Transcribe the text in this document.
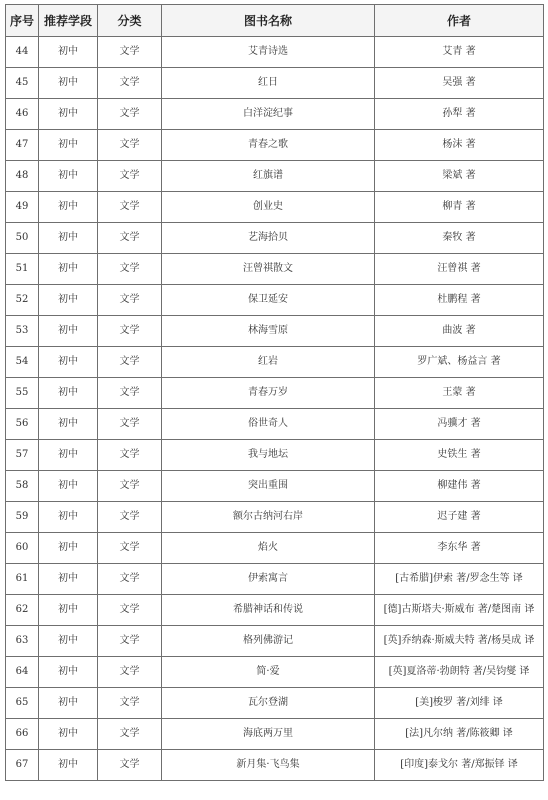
序号	推荐学段	分类	图书名称	作者
44	初中	文学	艾青诗选	艾青 著
45	初中	文学	红日	吴强 著
46	初中	文学	白洋淀纪事	孙犁 著
47	初中	文学	青春之歌	杨沫 著
48	初中	文学	红旗谱	梁斌 著
49	初中	文学	创业史	柳青 著
50	初中	文学	艺海拾贝	秦牧 著
51	初中	文学	汪曾祺散文	汪曾祺 著
52	初中	文学	保卫延安	杜鹏程 著
53	初中	文学	林海雪原	曲波 著
54	初中	文学	红岩	罗广斌、杨益言 著
55	初中	文学	青春万岁	王蒙 著
56	初中	文学	俗世奇人	冯骥才 著
57	初中	文学	我与地坛	史铁生 著
58	初中	文学	突出重围	柳建伟 著
59	初中	文学	额尔古纳河右岸	迟子建 著
60	初中	文学	焰火	李东华 著
61	初中	文学	伊索寓言	[古希腊]伊索 著/罗念生等 译
62	初中	文学	希腊神话和传说	[德]古斯塔夫·斯威布 著/楚图南 译
63	初中	文学	格列佛游记	[英]乔纳森·斯威夫特 著/杨昊成 译
64	初中	文学	简·爱	[英]夏洛蒂·勃朗特 著/吴钧燮 译
65	初中	文学	瓦尔登湖	[美]梭罗 著/刘绯 译
66	初中	文学	海底两万里	[法]凡尔纳 著/陈筱卿 译
67	初中	文学	新月集·飞鸟集	[印度]泰戈尔 著/郑振铎 译
